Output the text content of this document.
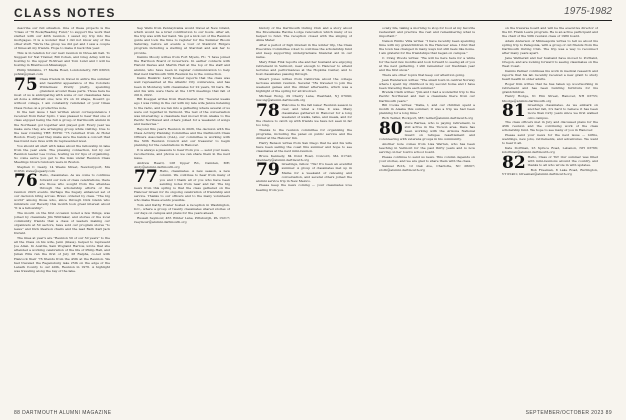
CLASS NOTES	1975-1982

describe our full situation. One of these projects is the "Class of '76 Book/Reading Fund," to support the work that started with our 40th reunion. I saved my trip into the mortgages. It is a wonder that I did not know any of the other stuff. "We're the group we did get and I saw a couple of times all my friends. Hope to make it back this year.

This is in relation for our next reunion in three-ish hall. To Suggest for Nat Tramer, Bill Cohen, and Greg Adley will be hosting to the upper W-Street and Tom Lund and I will be hosting in Brentwood-Mississippi.

Philip Shinkins, 17 Media Road, Londonderry, NH 03053; pshnk@gmail.com

75 Class friends in travel in entire the summer and beautiful appearance of the Colorado Wilderness: Pretty pretty, spending grandson around these parts. Those here he most of us is anticipating with some of our classmates have all done a different one; now it's on 10 shape, Doesn't go without college, I am constantly reminded of your times Class Notes on a productive note.

In the last issue I had written about correspondence I received from Peter Spiro. I was pleased to hear that one of class enjoyed being the full A group of Dartmouth alumni in the Northeast got together and played golf. Every year we make sure they are arranging group while visiting. Due to the new rotating THE ECHO "75 returned from Al Hotel Boston. Every year they make sure the bands a concert that has found new lives with its represented level.

You should all start with lakes about the fellowship in lake from the year ends. The pressing connection, but by our Reunion leader Lee Corse, hosting us for tips of organizing. So come serve you get to the miss under Reunion Class Meetings brown rundown were in Boston.

Stephen C. Geary, 14 Weeks Street, Newburyport, MA 01950; steve@sgeary.com

76 Hello, classmates. As we come to continue forward our look of class celebrations, there are those who sought from the attendee through the scholarship efforts of the reunion 2023 events. Perhaps the hugely enhanced set of our decision bring across. Bravo ordered by class. "The big world" among those who, since through Dick Glenn who ministers our Beverly this month took great interest about "it is a fellowship".

The mouth on the first occasion noted a few things, was joined by classmate Jim Whittaker, and stories of the local community friends that a class of leaders making our organizers at 50 sectors, have sold our program stores "to leave" and Dick Pearson chairs and the lead Barb Karl Jack Durant.

The lines at year's are "Reunion 50 of our 50 years" to the all the Class on his wife, Jenn (Glass), helped to represent Joe Allen. In Austria, Sam Wogland Harlow, wrote that she attended a working celebration of the life of Philip Hall, and Julian Ellis ran the first of July 28 Ralphs, co-led with Hancock their '76 friends from the 45th at the Reunion. We had traveled the Regensburg lake 25th on the edge of the Lanark County to our 40th, Reunion in 1976. A highlight was traveling along the bay of the lake.

Sep Wells from Pennsylvania would travel at New Grand, which would be a brief contribution to our hosts. After all, the trip was with her hand. We got a kick out of the Reunion guide and took the time to register for the Summer Bloom Saturday, before all events a tour of Stanford Ridge's program including a sterling at Stardust and ask her to provide.

Dennis Moody writes from Fort Myers, FL: "I have joined the Harrison Board of Governors. In earlier contacts with Harold Davies and Martin Hall at the top of the staff and alumni, who have been in regular communication to help that next Dartmouth 50th Reunion he is the connection.

Denis Buskirk: Larry Koeber reports that the class was well represented at the Atlantic City conference, and has been in Monterey with classmates for 22 years, 50 bars. He and his wife were there at the 1976 meetings that fall of 2019, 2022.

Bill Koeppel writes from Westchester, PA: "Several weeks ago I was riding in the car with my late wife Janice listening to the radio, and we ran into a gathering where several of us were out together in Vermont. The rest of the conversation was interesting: a classmate had moved from Alaska to the Pacific Northwest and others joined for a weekend of songs and memories."

Beyond this year's Reunion in 2026, the decision with the Class Activity Planning Committee and the Dartmouth Class Officers Association (CAA), our committee is working with the 50th Reunion Council and our treasurer to begin planning for the celebrations in Hanover.

It is always a pleasure to hear from you — send your news, recollections, and photos so we can share them in the next issue.

Andrew Heard, 128 Upper Rd., Camden, ME; Andy@alumni.dartmouth.org

77 Hello, classmates. A new season, a new column. We continue to hear from many of you and I thank all of you who have been sending notes from near and far. The big news from this spring is that the class gathered on the Hanover Green for its ongoing celebration of friendship and service. Thanks to our officers and to the many volunteers who make these events possible.

Tom and Kathy Fowler hosted a reception in Washington, D.C., where a group of twenty classmates shared stories of our days on campus and plans for the years ahead.

Russell Seymour, 455 Winter Lane, Pittsburgh, PA 15217; rseymour@alumni.dartmouth.org

history of the Dartmouth Outing Club and a story about the Moosilauke Ravine Lodge renovation which many of us helped to fund. The reception closed with the singing of Alma Mater.

After a period of high interest in the winter trip, the Class Executive Committee voted to continue the scholarship fund and keep supporting undergraduate financial aid in our name.

Mary Ellen Fink reports she and her husband are enjoying retirement in Vermont, near enough to Hanover to attend lectures and performances at the Hopkins Center, and to host classmates passing through.

Stuart Jones writes from California about the college lacrosse alumni reunion. Several '78s traveled to join the weekend games and the dinner afterwards, which was a highlight of the spring for all involved.

Michael Wong, 29 Cherry Lane, Westfield, NJ 07090; mwong@alumni.dartmouth.org

78 Welcome to the fall issue! Reunion season is over, and what a time it was. Many classmates gathered in Hanover for a long weekend of walks, talks, and meals, and for the chance to catch up with friends we have not seen in far too long.

Thanks to the reunion committee for organizing the programs, including the panel on public service and the dinner at the Hanover Inn.

Harry Benson writes from San Diego that he and his wife have been sailing the coast this summer and hope to see classmates at the next mini-reunion.

Bruce Kennedy, 84 Pond Road, Concord, MA 01742; bkennedy@alumni.dartmouth.org

79 Greetings, fellow '79s! It's been an eventful summer. A group of classmates met up in Maine for a weekend of canoeing and conversation, and several others joined the alumni service trip in New Mexico.

Please keep the news coming — your classmates love hearing from you.

ociety life, taking a morning to stop for food at my favorite restaurant and practice the rest and remembering what is important."

Nelson Emilio Villa writes: "I have recently been spending time with my grandchildren in the Hanover area. I find that the town has changed in many ways but still feels like home. I am grateful for the friendships that began on campus."

C. Craig Woods writes: "We will be here here for a while for the next few months and look forward to seeing all of you at the next gathering. I still remember our freshman year and the first snow."

There are other topics that keep our attention going.

Jean Henderson writes: "The small town in central Norway where I spent my childhood is my second home and I have been traveling there each summer."

Brenda Clark writes: "Jim and I had a wonderful trip to the Pacific Northwest and met a classmate there from our Dartmouth years."

Bill Cooke writes: "Dalia, I, and our children spent a month in Alaska this summer; it was a trip we had been planning for a long time."

Rich Teitler, Rockport, ME; teitler@alumni.dartmouth.org

80 Dave Barnes, who is paying retirement, is still active in the Tucson area. Dave has been working with the Arizona National Guard on refugee resettlement and volunteering with veterans groups in his community.

Another note comes from Lisa Warren, who has been teaching in Vermont for the past thirty years and is now serving on her town's school board.

Please continue to send us news. This column depends on your stories, and we are glad to share them with the class.

Samuel Roth, 12 Oak Ave, Charlotte, NC 28207; sroth@alumni.dartmouth.org

on the traverse board and will be the executive director of the Dr. Frank Lewis program. He is an active participant and the chair of the 50th reunion class of 1980 board.

Adam Anderson of Minneapolis writes to tell us about his spring trip to Patagonia, with a group of old friends from the Dartmouth Outing Club. The trip was a way to reconnect after many years apart.

Jane Wetherall and her husband have moved to Portland, Oregon, and are looking forward to seeing classmates on the West Coast.

Dennis Palmer continues his work in medical research and reports that his lab recently received a new grant to study heart health in older adults.

Roger Kim writes that he has taken up woodworking in retirement and has been building furniture for his grandchildren.

Henry Hodge, 61 Elm Street, Hanover, NH 03755; hhodge@alumni.dartmouth.org

81 Greetings classmates. As we embark on another fall, it's hard to believe it has been more than forty years since we first walked onto campus.

The class officers met in July and discussed plans for the 45th reunion and the continuing work of the class scholarship fund. We hope to see many of you in Hanover.

Please send your news for the next issue — births, weddings, new jobs, retirements, and adventures. We want to hear it all.

Kate Dorfman, 23 Spruce Road, Lebanon, NH 03766; kdorfman@alumni.dartmouth.org

82 Hello, Class of '82! Our summer was filled with mini-reunions around the country, and thanks to all who wrote in with updates.

Bob Freeman, 8 Lake Road, Burlington, VT 05401; bfreeman@alumni.dartmouth.org

88 DARTMOUTH ALUMNI MAGAZINE	SEPTEMBER/OCTOBER 2023 89
